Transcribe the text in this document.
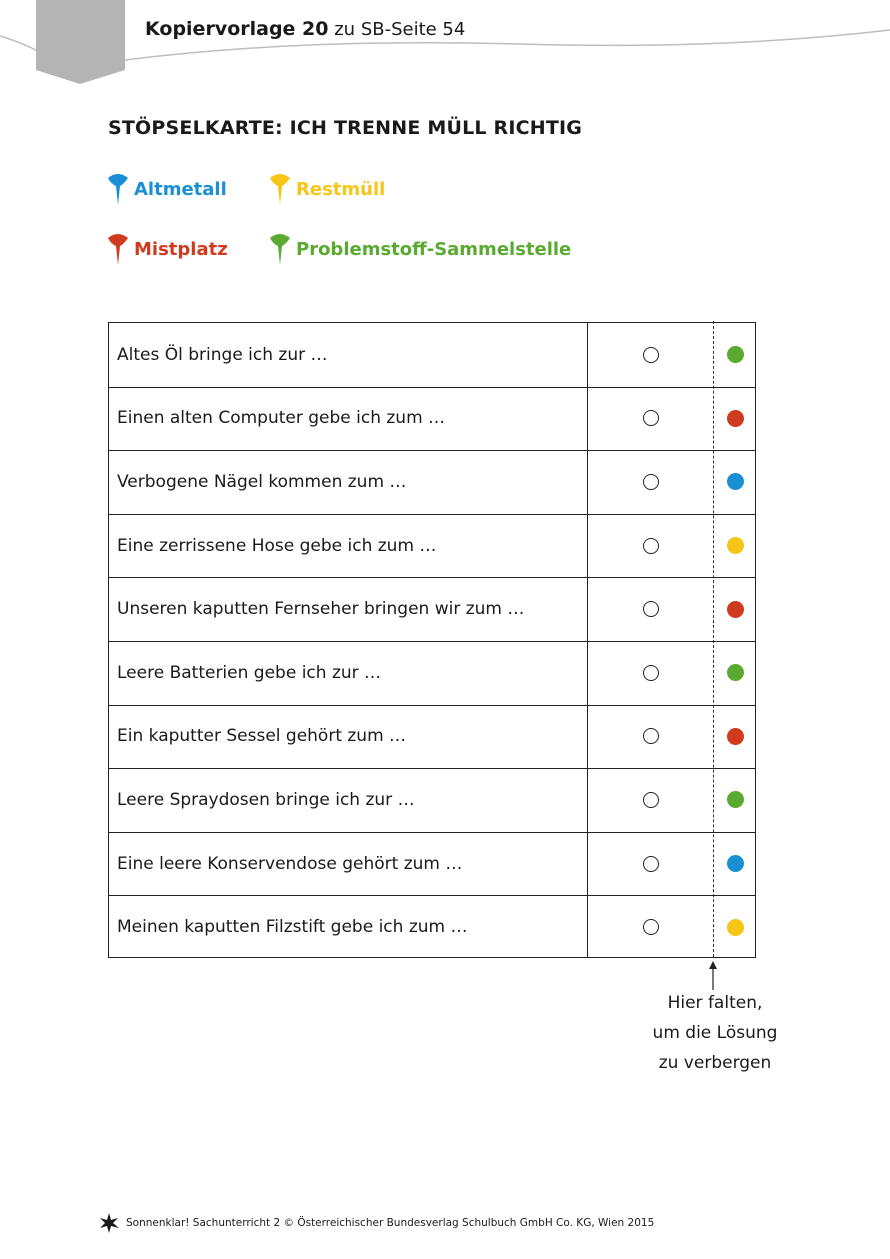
Kopiervorlage 20 zu SB-Seite 54
STÖPSELKARTE: ICH TRENNE MÜLL RICHTIG
Altmetall	Restmüll
Mistplatz	Problemstoff-Sammelstelle
Altes Öl bringe ich zur …
Einen alten Computer gebe ich zum …
Verbogene Nägel kommen zum …
Eine zerrissene Hose gebe ich zum …
Unseren kaputten Fernseher bringen wir zum …
Leere Batterien gebe ich zur …
Ein kaputter Sessel gehört zum …
Leere Spraydosen bringe ich zur …
Eine leere Konservendose gehört zum …
Meinen kaputten Filzstift gebe ich zum …
Hier falten,
um die Lösung
zu verbergen
Sonnenklar! Sachunterricht 2 © Österreichischer Bundesverlag Schulbuch GmbH Co. KG, Wien 2015
